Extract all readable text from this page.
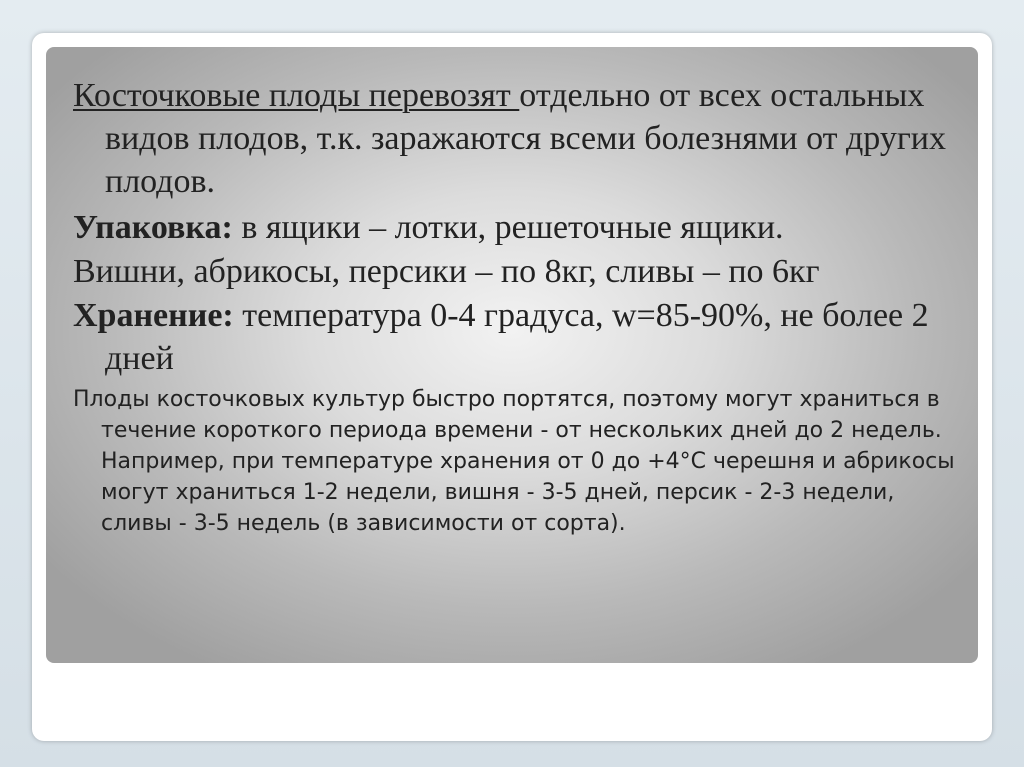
Косточковые плоды перевозят отдельно от всех остальных видов плодов, т.к. заражаются всеми болезнями от других плодов.

Упаковка: в ящики – лотки, решеточные ящики.

Вишни, абрикосы, персики – по 8кг, сливы – по 6кг

Хранение: температура 0-4 градуса, w=85-90%, не более 2 дней

Плоды косточковых культур быстро портятся, поэтому могут храниться в течение короткого периода времени - от нескольких дней до 2 недель. Например, при температуре хранения от 0 до +4°C черешня и абрикосы могут храниться 1-2 недели, вишня - 3-5 дней, персик - 2-3 недели, сливы - 3-5 недель (в зависимости от сорта).
